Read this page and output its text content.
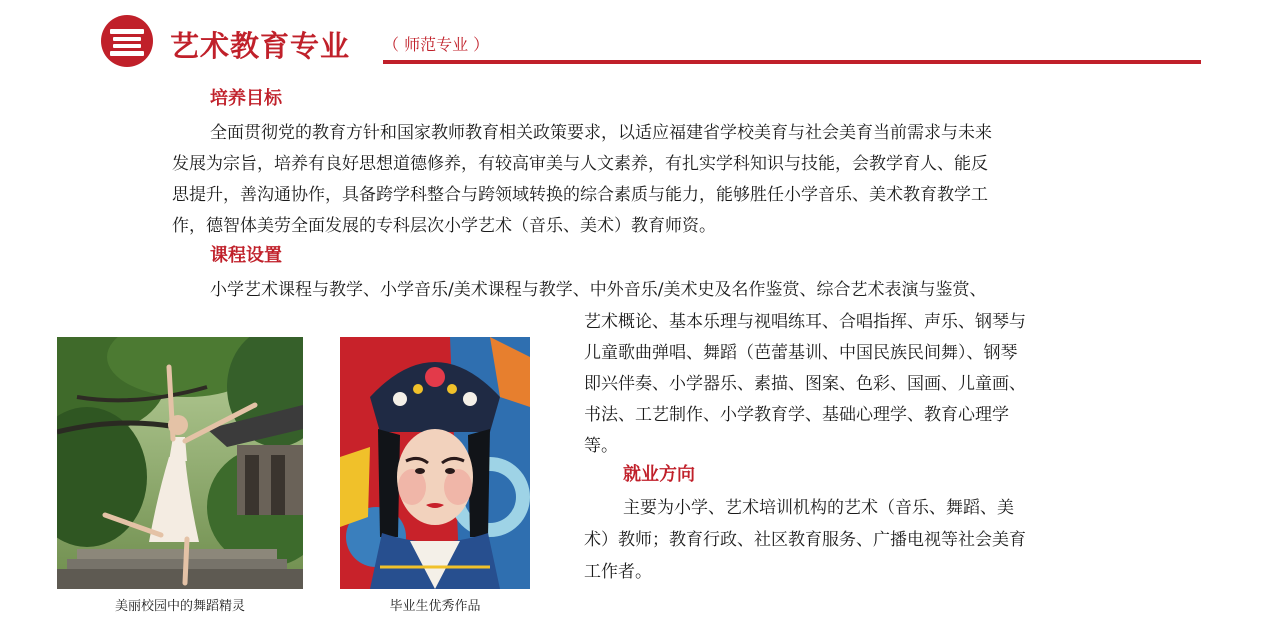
艺术教育专业 （ 师范专业 ）
培养目标
全面贯彻党的教育方针和国家教师教育相关政策要求，以适应福建省学校美育与社会美育当前需求与未来
发展为宗旨，培养有良好思想道德修养，有较高审美与人文素养，有扎实学科知识与技能，会教学育人、能反
思提升，善沟通协作，具备跨学科整合与跨领域转换的综合素质与能力，能够胜任小学音乐、美术教育教学工
作，德智体美劳全面发展的专科层次小学艺术（音乐、美术）教育师资。
课程设置
小学艺术课程与教学、小学音乐/美术课程与教学、中外音乐/美术史及名作鉴赏、综合艺术表演与鉴赏、
艺术概论、基本乐理与视唱练耳、合唱指挥、声乐、钢琴与
儿童歌曲弹唱、舞蹈（芭蕾基训、中国民族民间舞）、钢琴
即兴伴奏、小学器乐、素描、图案、色彩、国画、儿童画、
书法、工艺制作、小学教育学、基础心理学、教育心理学
等。
就业方向
主要为小学、艺术培训机构的艺术（音乐、舞蹈、美
术）教师；教育行政、社区教育服务、广播电视等社会美育
工作者。
美丽校园中的舞蹈精灵	毕业生优秀作品
